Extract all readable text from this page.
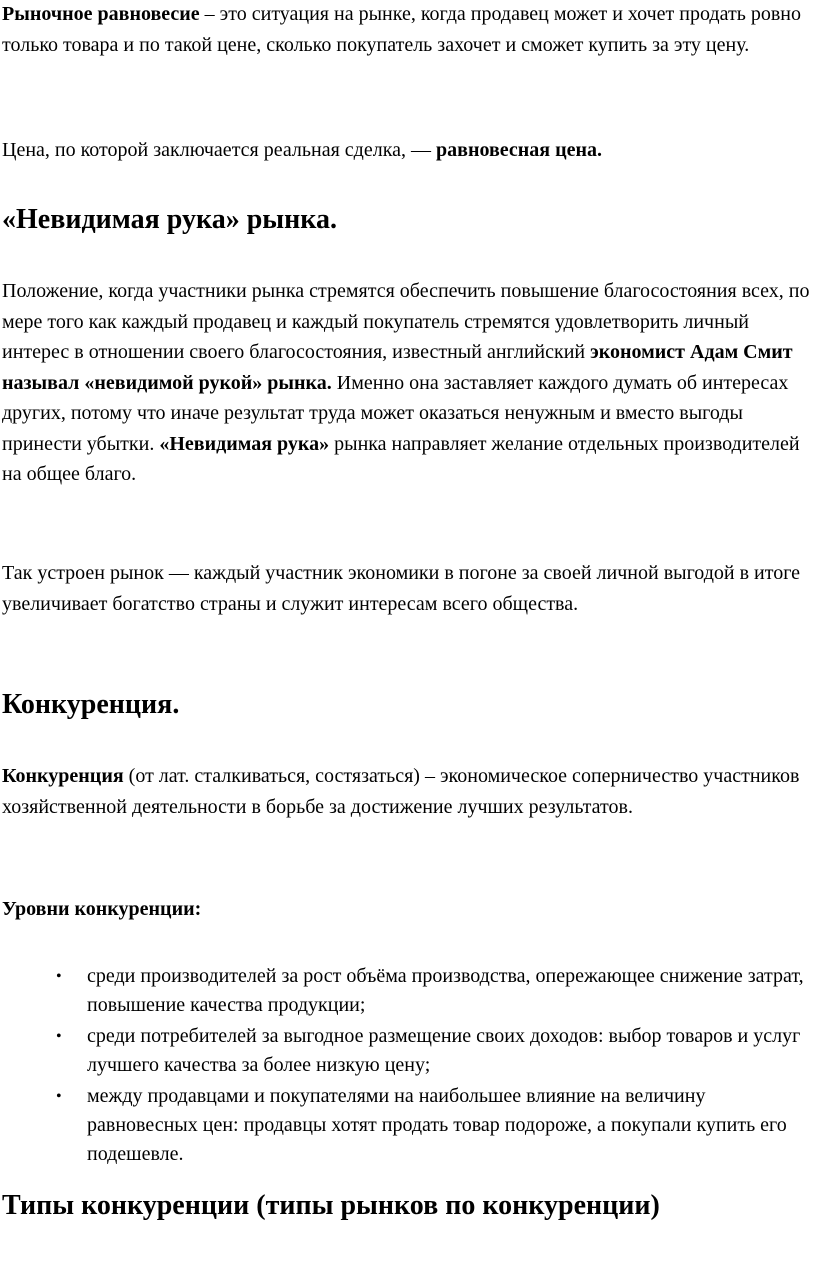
Рыночное равновесие – это ситуация на рынке, когда продавец может и хочет продать ровно только товара и по такой цене, сколько покупатель захочет и сможет купить за эту цену.

Цена, по которой заключается реальная сделка, — равновесная цена.

«Невидимая рука» рынка.

Положение, когда участники рынка стремятся обеспечить повышение благосостояния всех, по мере того как каждый продавец и каждый покупатель стремятся удовлетворить личный интерес в отношении своего благосостояния, известный английский экономист Адам Смит называл «невидимой рукой» рынка. Именно она заставляет каждого думать об интересах других, потому что иначе результат труда может оказаться ненужным и вместо выгоды принести убытки. «Невидимая рука» рынка направляет желание отдельных производителей на общее благо.

Так устроен рынок — каждый участник экономики в погоне за своей личной выгодой в итоге увеличивает богатство страны и служит интересам всего общества.

Конкуренция.

Конкуренция (от лат. сталкиваться, состязаться) – экономическое соперничество участников хозяйственной деятельности в борьбе за достижение лучших результатов.

Уровни конкуренции:

• среди производителей за рост объёма производства, опережающее снижение затрат, повышение качества продукции;
• среди потребителей за выгодное размещение своих доходов: выбор товаров и услуг лучшего качества за более низкую цену;
• между продавцами и покупателями на наибольшее влияние на величину равновесных цен: продавцы хотят продать товар подороже, а покупали купить его подешевле.
Типы конкуренции (типы рынков по конкуренции)
